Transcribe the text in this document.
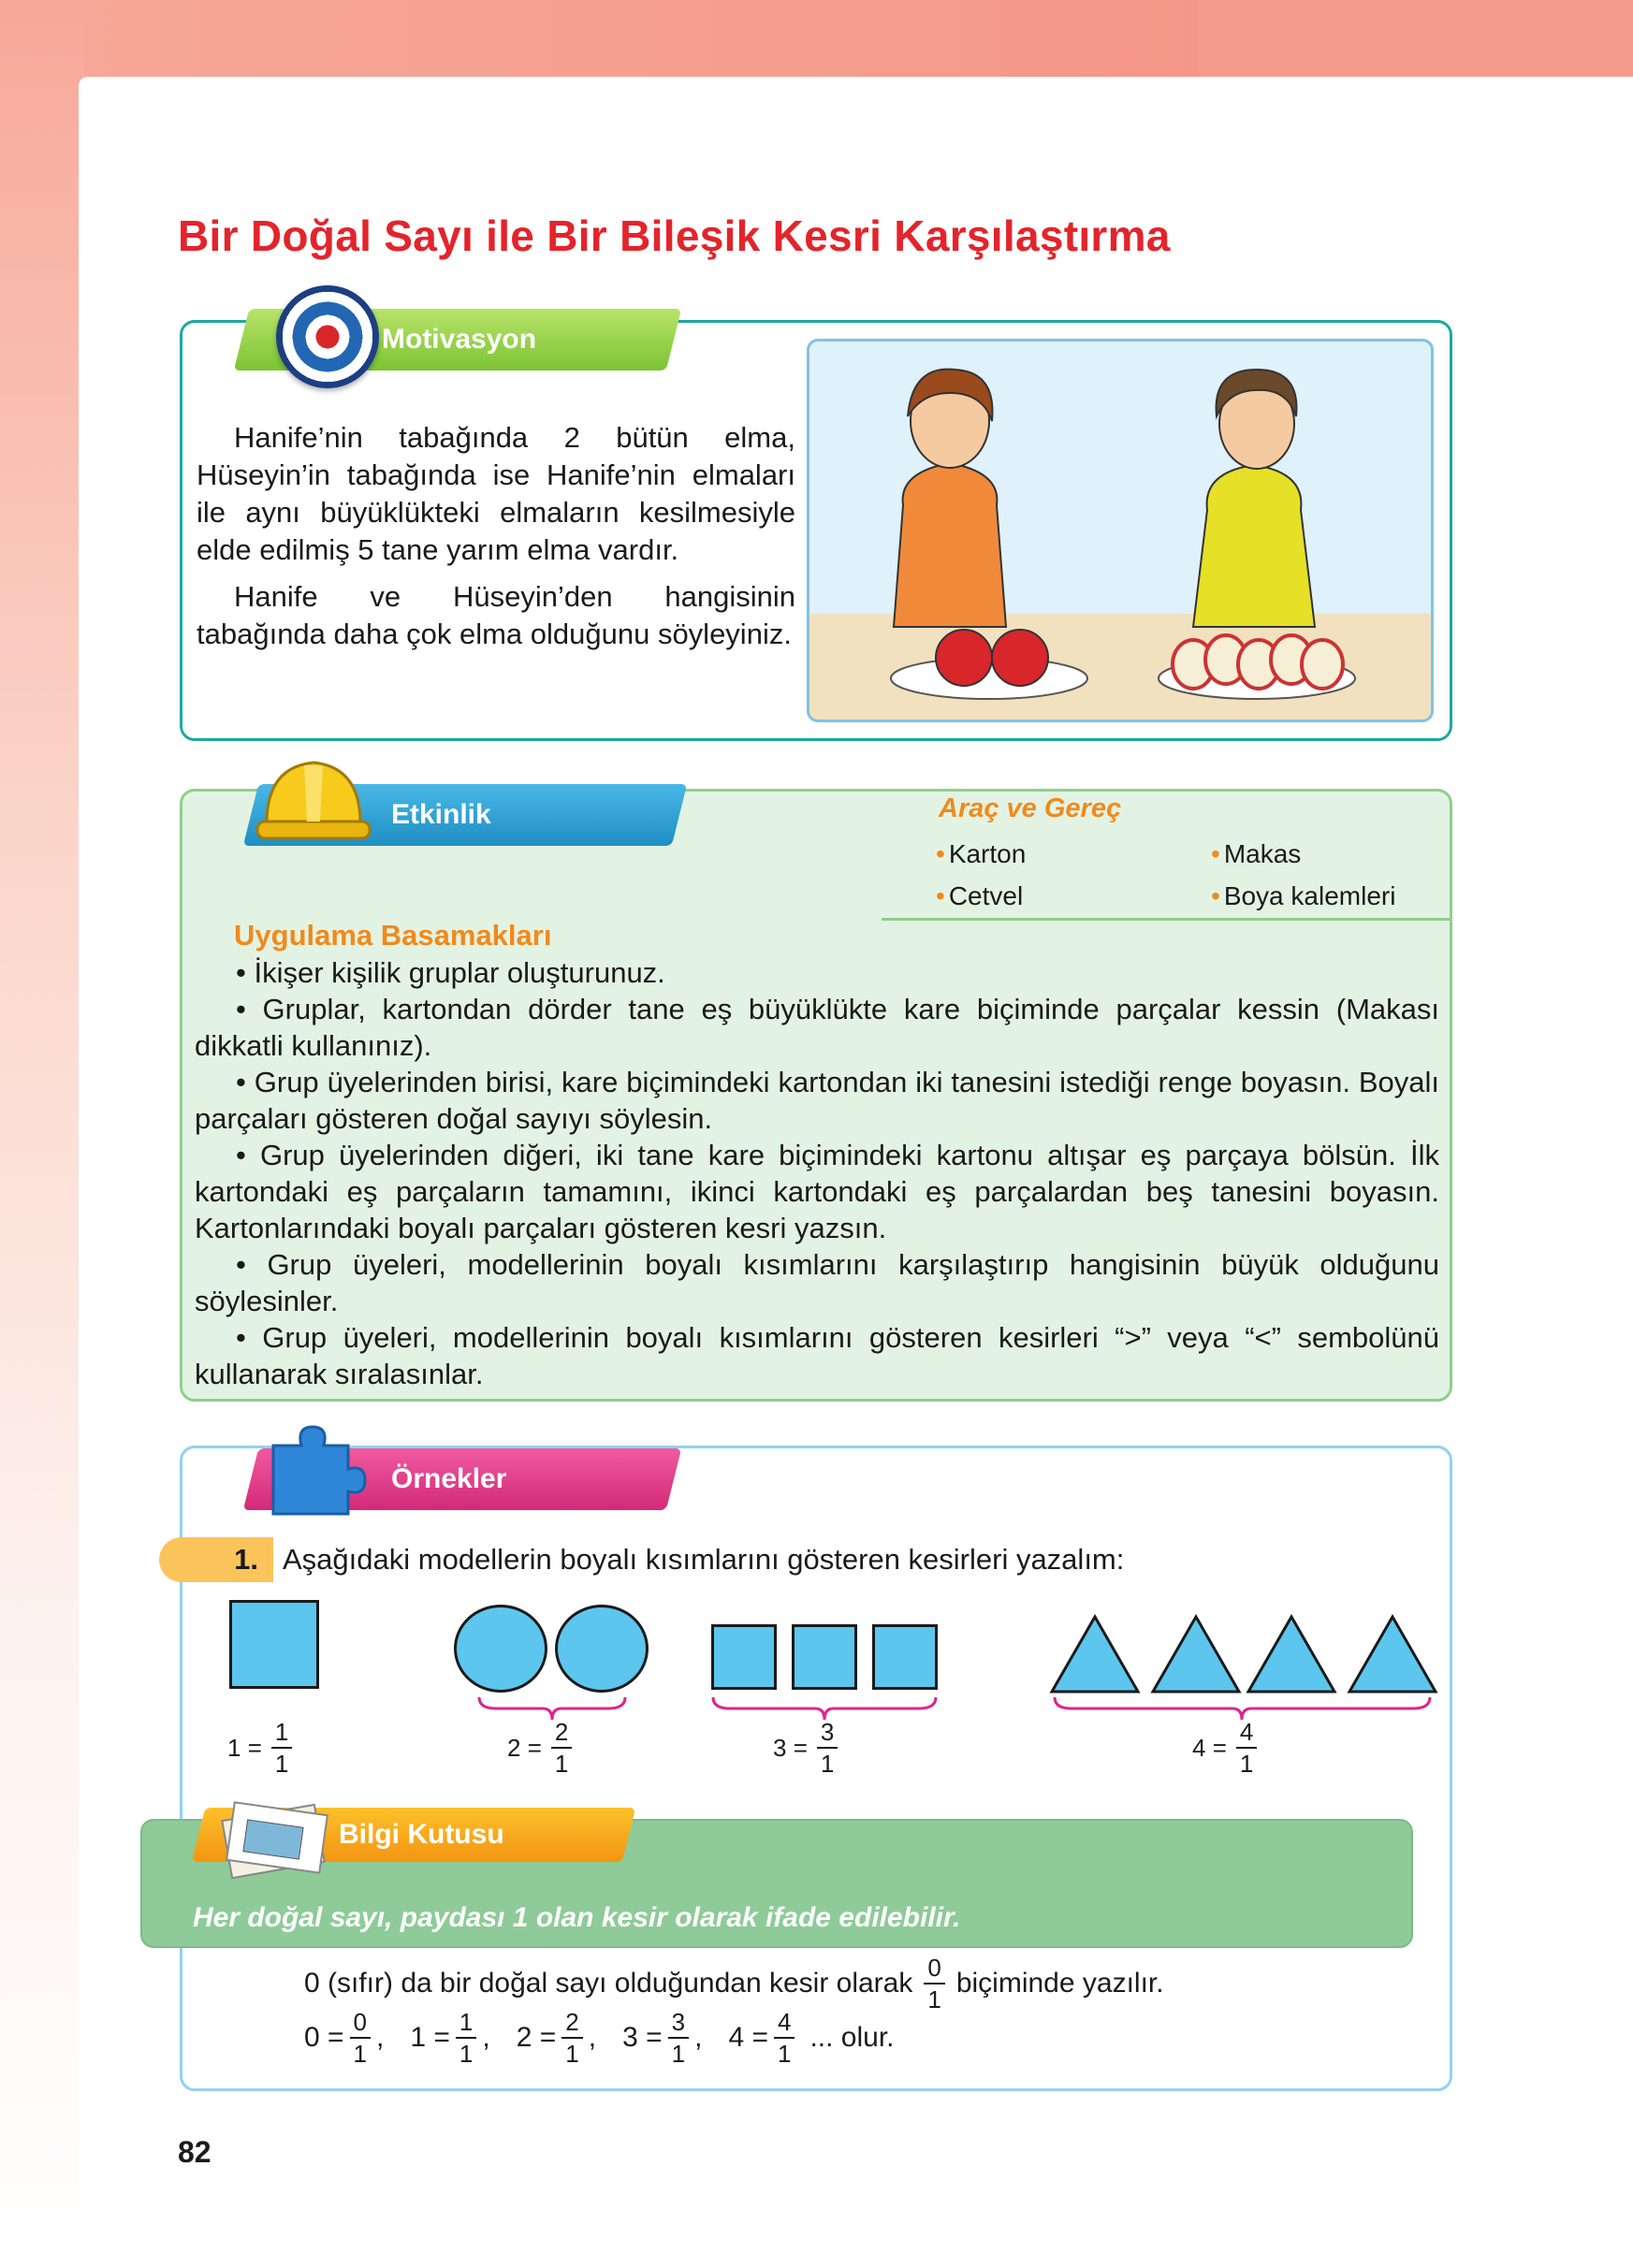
Bir Doğal Sayı ile Bir Bileşik Kesri Karşılaştırma
Motivasyon

Hanife’nin tabağında 2 bütün elma, Hüseyin’in tabağında ise Hanife’nin elmaları ile aynı büyüklükteki elmaların kesilmesiyle elde edilmiş 5 tane yarım elma vardır.

Hanife ve Hüseyin’den hangisinin tabağında daha çok elma olduğunu söyleyiniz.

Etkinlik	Araç ve Gereç
• Karton	• Makas
• Cetvel	• Boya kalemleri
Uygulama Basamakları

• İkişer kişilik gruplar oluşturunuz.

• Gruplar, kartondan dörder tane eş büyüklükte kare biçiminde parçalar kessin (Makası dikkatli kullanınız).

• Grup üyelerinden birisi, kare biçimindeki kartondan iki tanesini istediği renge boyasın. Boyalı parçaları gösteren doğal sayıyı söylesin.

• Grup üyelerinden diğeri, iki tane kare biçimindeki kartonu altışar eş parçaya bölsün. İlk kartondaki eş parçaların tamamını, ikinci kartondaki eş parçalardan beş tanesini boyasın. Kartonlarındaki boyalı parçaları gösteren kesri yazsın.

• Grup üyeleri, modellerinin boyalı kısımlarını karşılaştırıp hangisinin büyük olduğunu söylesinler.

• Grup üyeleri, modellerinin boyalı kısımlarını gösteren kesirleri “>” veya “<” sembolünü kullanarak sıralasınlar.

Örnekler
1. Aşağıdaki modellerin boyalı kısımlarını gösteren kesirleri yazalım:
1
= $\frac{1}{1}$	2
= $\frac{2}{1}$	3
= $\frac{3}{1}$	4
= $\frac{4}{1}$
Bilgi Kutusu
Her doğal sayı, paydası 1 olan kesir olarak ifade edilebilir.
0 (sıfır) da bir doğal sayı olduğundan kesir olarak $\frac{0}{1}$ biçiminde yazılır.
$0 = \frac{0}{1}$ , $1 = \frac{1}{1}$ , $2 = \frac{2}{1}$ , $3 = \frac{3}{1}$ , $4 = \frac{4}{1}$ ... olur.
82
